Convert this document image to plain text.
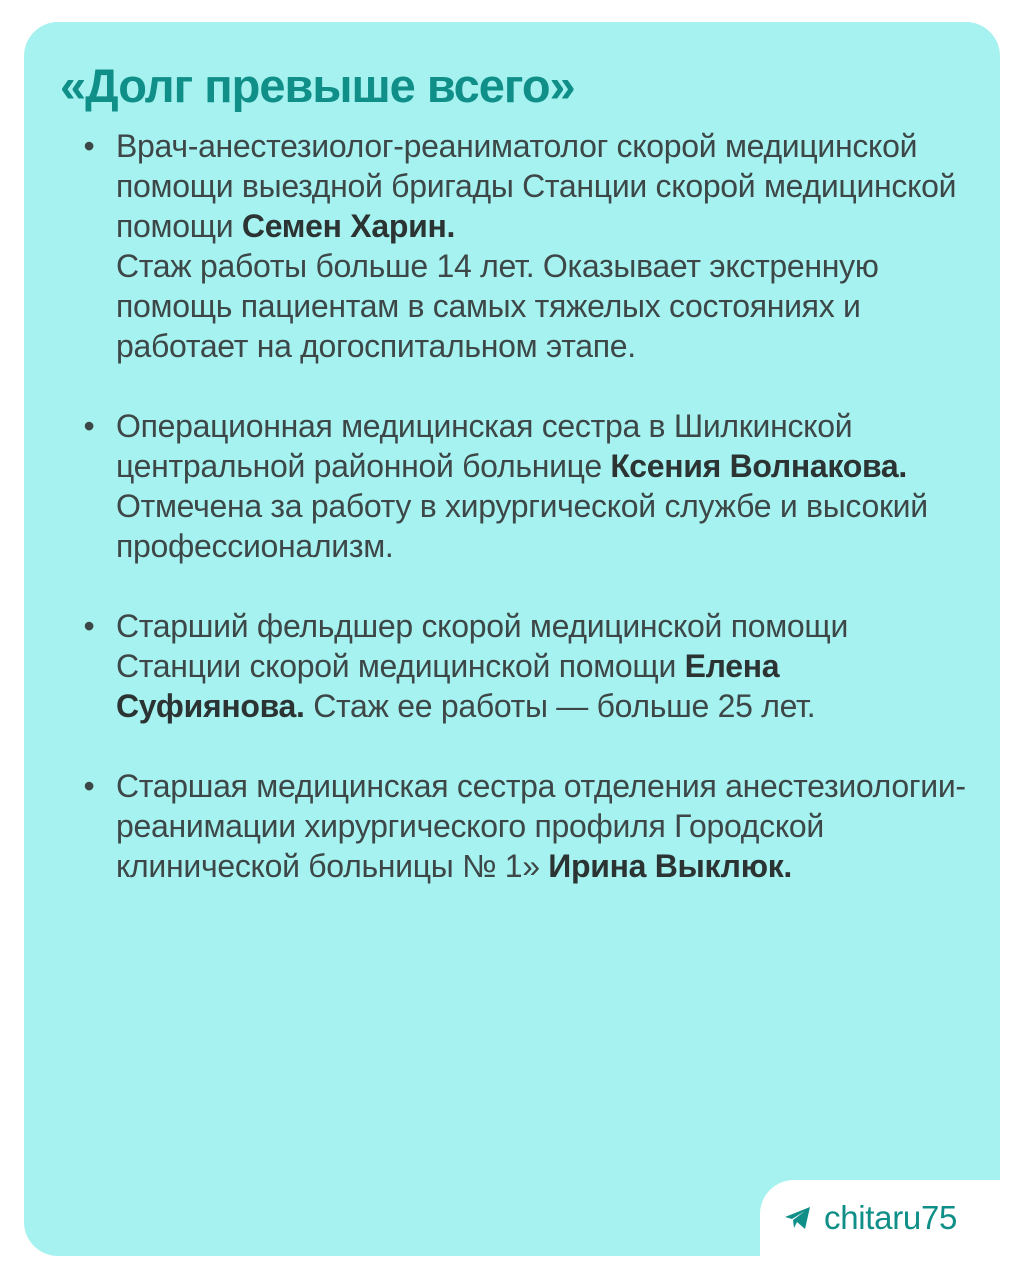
«Долг превыше всего»
• Врач-анестезиолог-реаниматолог скорой медицинской помощи выездной бригады Станции скорой медицинской помощи Семен Харин.
Стаж работы больше 14 лет. Оказывает экстренную помощь пациентам в самых тяжелых состояниях и работает на догоспитальном этапе.
• Операционная медицинская сестра в Шилкинской центральной районной больнице Ксения Волнакова. Отмечена за работу в хирургической службе и высокий профессионализм.
• Старший фельдшер скорой медицинской помощи Станции скорой медицинской помощи Елена Суфиянова. Стаж ее работы — больше 25 лет.
• Старшая медицинская сестра отделения анестезиологии-реанимации хирургического профиля Городской клинической больницы № 1» Ирина Выклюк.
chitaru75
